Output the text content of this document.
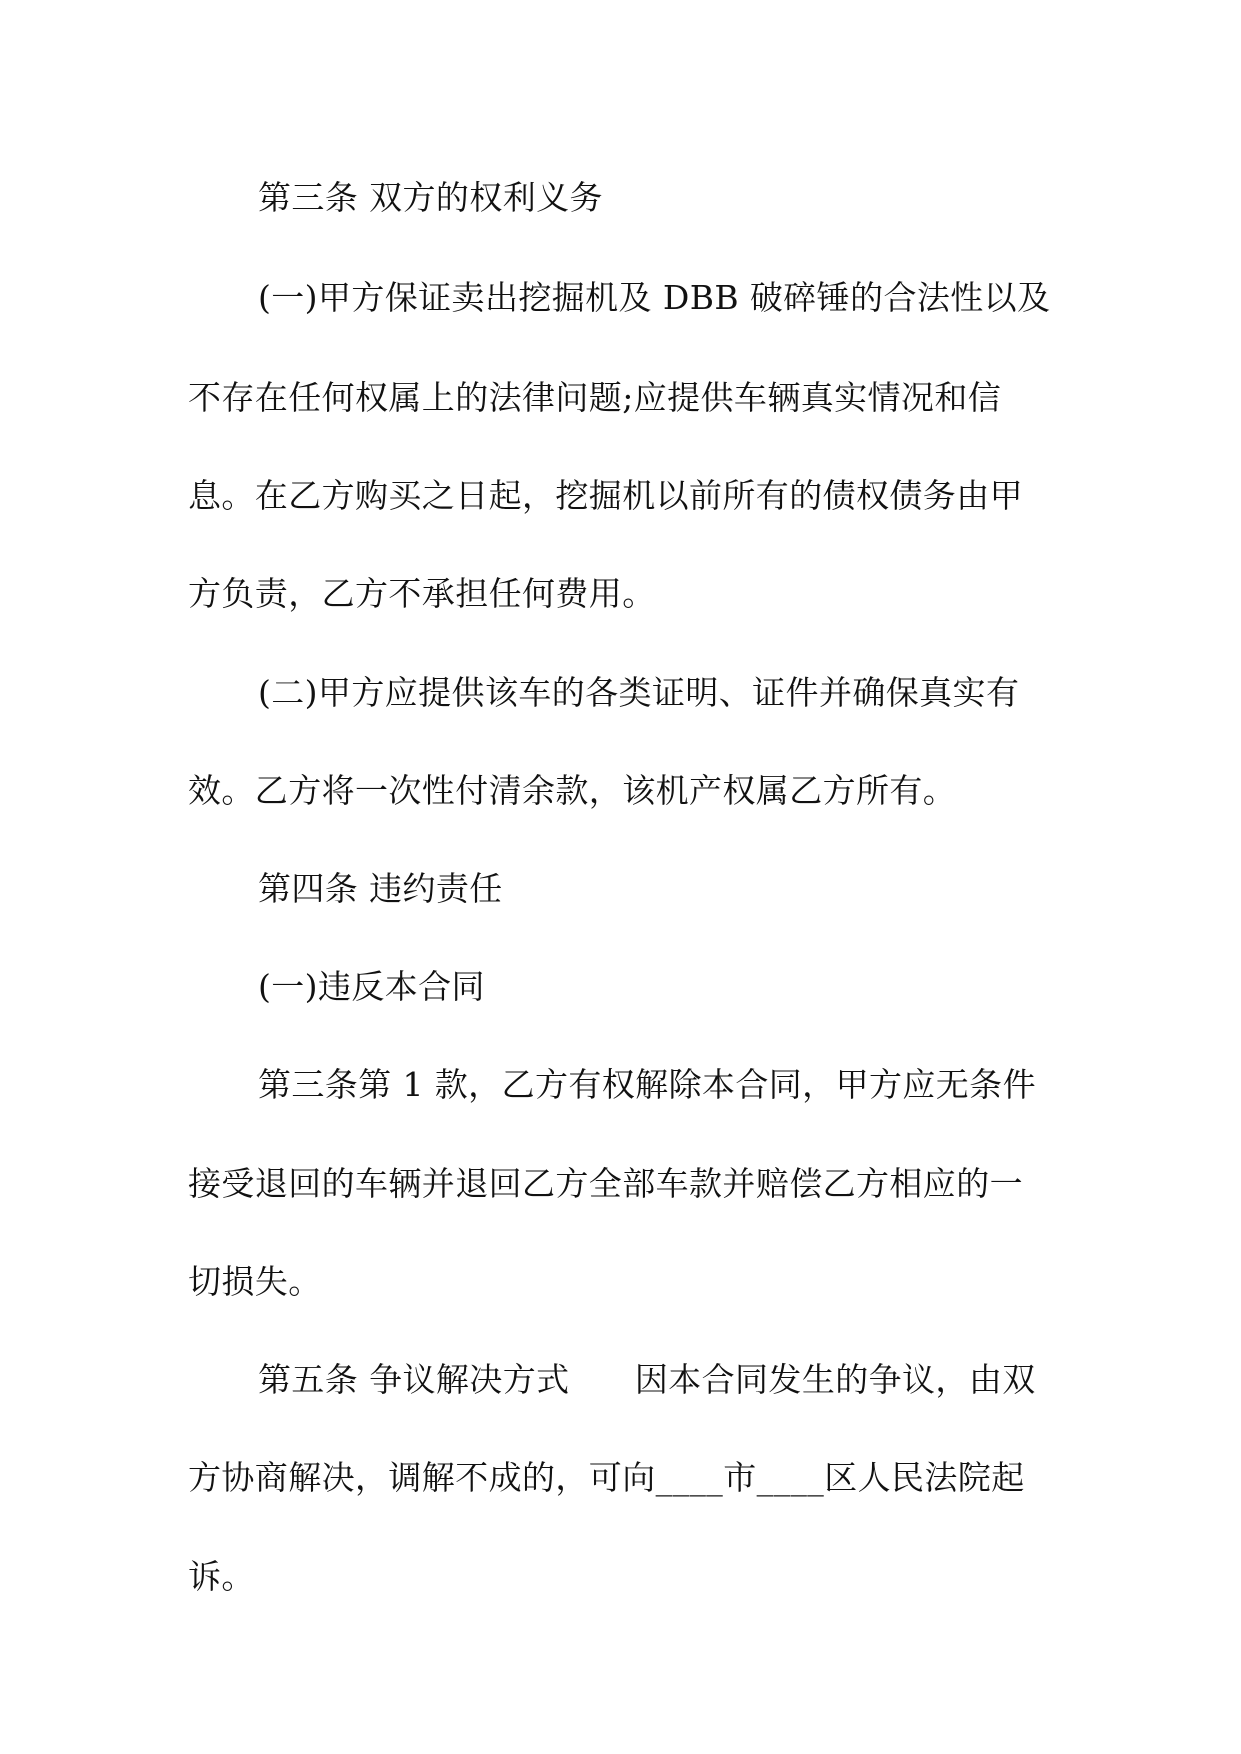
第三条 双方的权利义务
(一)甲方保证卖出挖掘机及 DBB 破碎锤的合法性以及
不存在任何权属上的法律问题;应提供车辆真实情况和信
息。在乙方购买之日起，挖掘机以前所有的债权债务由甲
方负责，乙方不承担任何费用。
(二)甲方应提供该车的各类证明、证件并确保真实有
效。乙方将一次性付清余款，该机产权属乙方所有。
第四条 违约责任
(一)违反本合同
第三条第 1 款，乙方有权解除本合同，甲方应无条件
接受退回的车辆并退回乙方全部车款并赔偿乙方相应的一
切损失。
第五条 争议解决方式      因本合同发生的争议，由双
方协商解决，调解不成的，可向____市____区人民法院起
诉。
